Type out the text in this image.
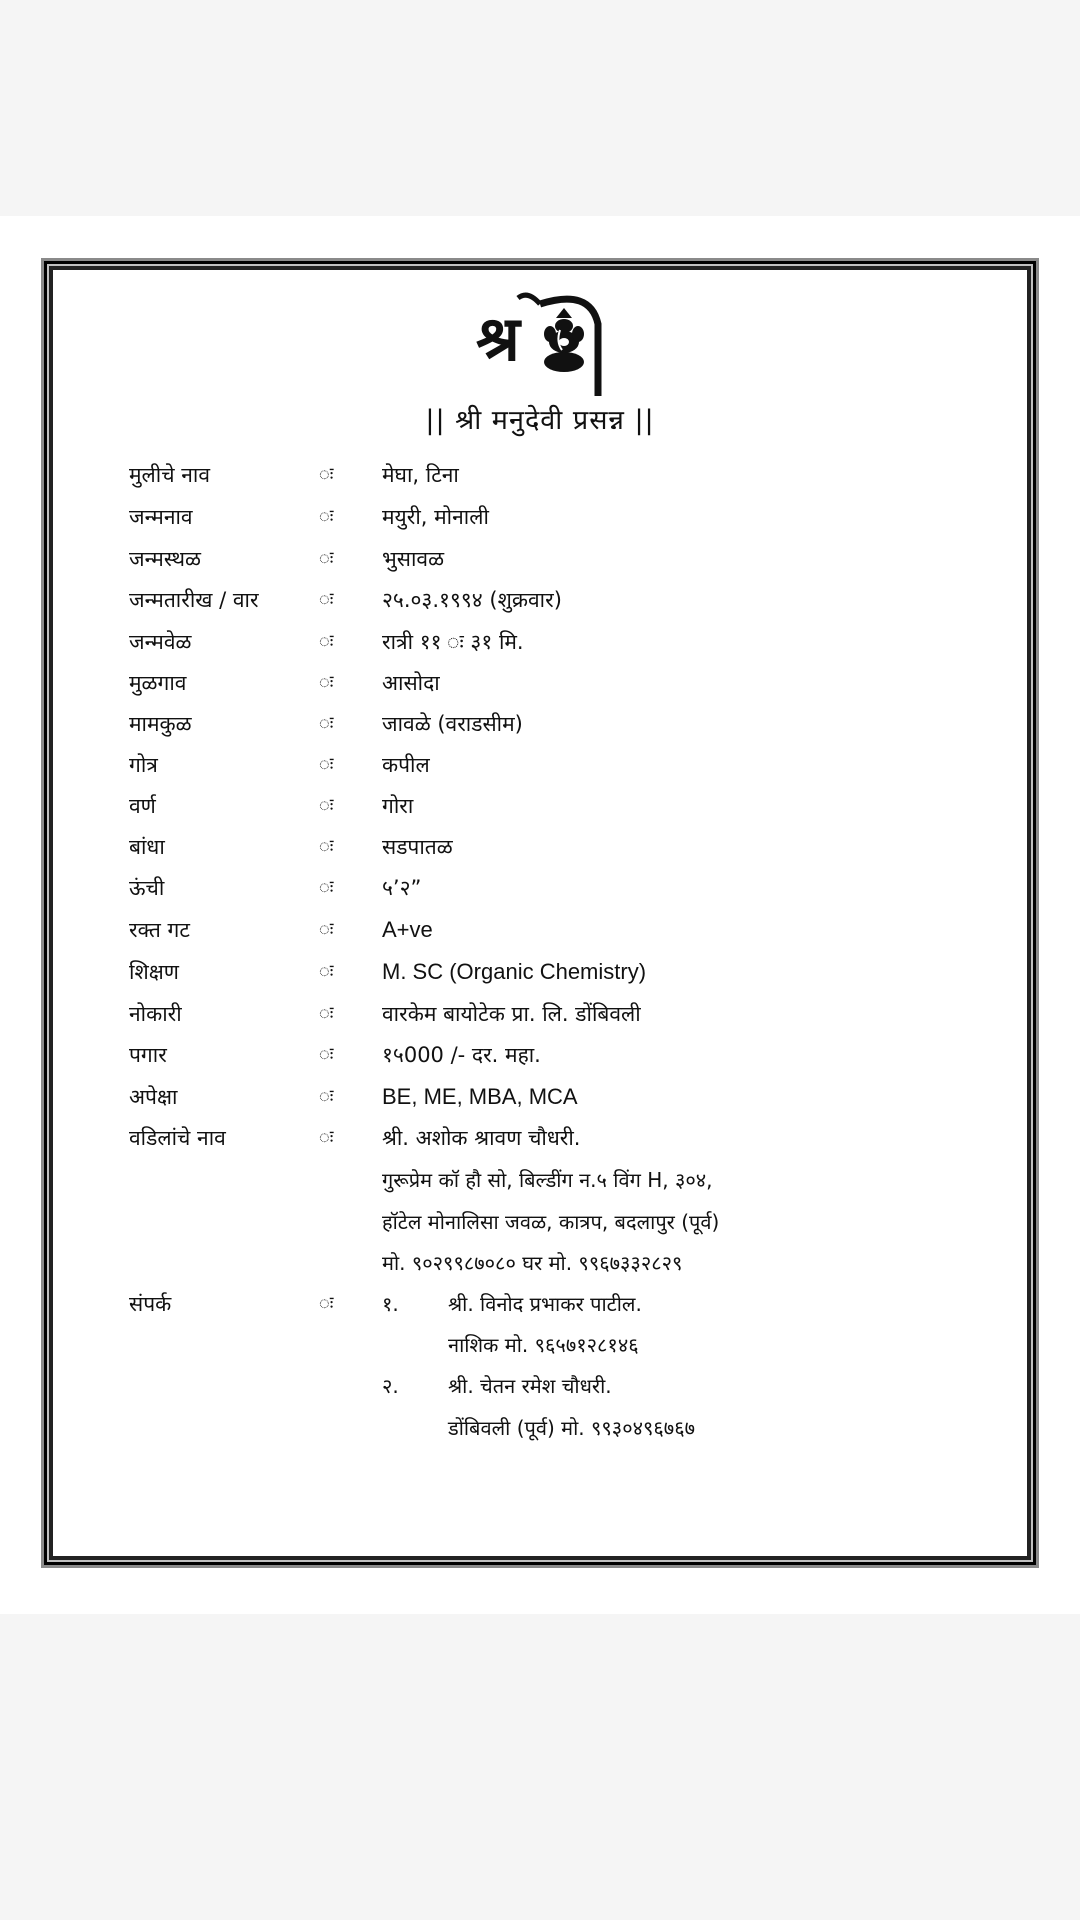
श्र
|| श्री मनुदेवी प्रसन्न ||
मुलीचे नाव	ः मेघा, टिना
जन्मनाव	ः मयुरी, मोनाली
जन्मस्थळ	ः भुसावळ
जन्मतारीख / वार	ः २५.०३.१९९४ (शुक्रवार)
जन्मवेळ	ः रात्री ११ ः ३१ मि.
मुळगाव	ः आसोदा
मामकुळ	ः जावळे (वराडसीम)
गोत्र	ः कपील
वर्ण	ः गोरा
बांधा	ः सडपातळ
ऊंची	ः ५’२”
रक्त गट	ः A+ve
शिक्षण	ः M. SC (Organic Chemistry)
नोकारी	ः वारकेम बायोटेक प्रा. लि. डोंबिवली
पगार	ः १५000 /- दर. महा.
अपेक्षा	ः BE, ME, MBA, MCA
वडिलांचे नाव	ः श्री. अशोक श्रावण चौधरी.
गुरूप्रेम कॉ हौ सो, बिल्डींग न.५ विंग H, ३०४,
हॉटेल मोनालिसा जवळ, कात्रप, बदलापुर (पूर्व)
मो. ९०२९९८७०८० घर मो. ९९६७३३२८२९
संपर्क	ः १. श्री. विनोद प्रभाकर पाटील.
नाशिक मो. ९६५७१२८१४६
२. श्री. चेतन रमेश चौधरी.
डोंबिवली (पूर्व) मो. ९९३०४९६७६७
